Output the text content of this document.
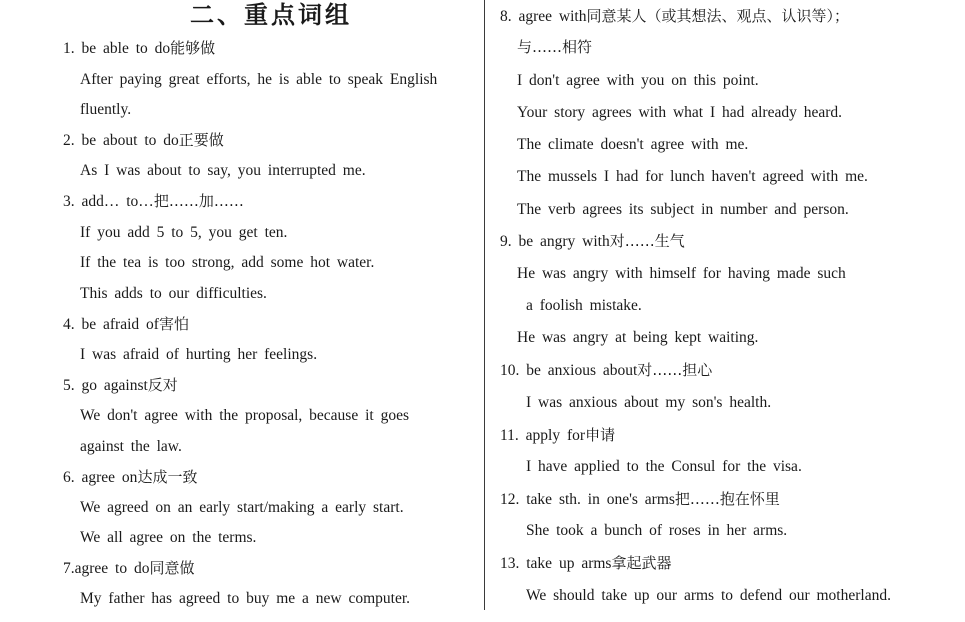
二、重点词组
1. be able to do能够做
After paying great efforts, he is able to speak English
fluently.
2. be about to do正要做
As I was about to say, you interrupted me.
3. add… to…把……加……
If you add 5 to 5, you get ten.
If the tea is too strong, add some hot water.
This adds to our difficulties.
4. be afraid of害怕
I was afraid of hurting her feelings.
5. go against反对
We don't agree with the proposal, because it goes
against the law.
6. agree on达成一致
We agreed on an early start/making a early start.
We all agree on the terms.
7.agree to do同意做
My father has agreed to buy me a new computer.
8. agree with同意某人（或其想法、观点、认识等）；
与……相符
I don't agree with you on this point.
Your story agrees with what I had already heard.
The climate doesn't agree with me.
The mussels I had for lunch haven't agreed with me.
The verb agrees its subject in number and person.
9. be angry with对……生气
He was angry with himself for having made such
a foolish mistake.
He was angry at being kept waiting.
10. be anxious about对……担心
I was anxious about my son's health.
11. apply for申请
I have applied to the Consul for the visa.
12. take sth. in one's arms把……抱在怀里
She took a bunch of roses in her arms.
13. take up arms拿起武器
We should take up our arms to defend our motherland.
